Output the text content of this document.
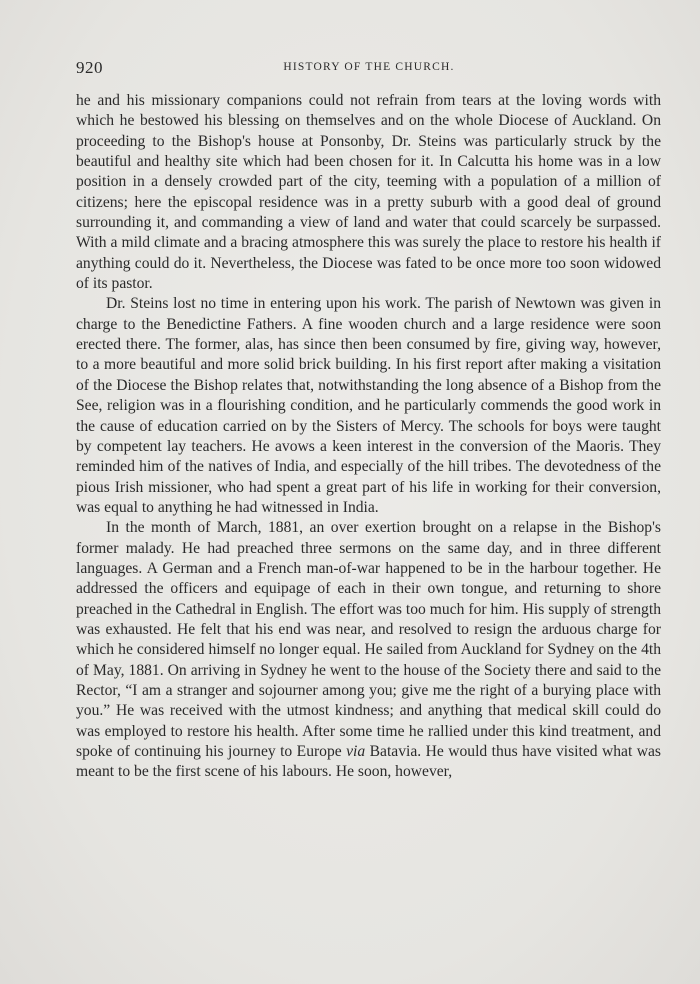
920	HISTORY OF THE CHURCH.

he and his missionary companions could not refrain from tears at the loving words with which he bestowed his blessing on themselves and on the whole Diocese of Auckland. On proceeding to the Bishop's house at Ponsonby, Dr. Steins was particularly struck by the beautiful and healthy site which had been chosen for it. In Calcutta his home was in a low position in a densely crowded part of the city, teeming with a population of a million of citizens; here the episcopal residence was in a pretty suburb with a good deal of ground surrounding it, and commanding a view of land and water that could scarcely be surpassed. With a mild climate and a bracing atmosphere this was surely the place to restore his health if anything could do it. Nevertheless, the Diocese was fated to be once more too soon widowed of its pastor.

Dr. Steins lost no time in entering upon his work. The parish of Newtown was given in charge to the Benedictine Fathers. A fine wooden church and a large residence were soon erected there. The former, alas, has since then been consumed by fire, giving way, however, to a more beautiful and more solid brick building. In his first report after making a visitation of the Diocese the Bishop relates that, notwithstanding the long absence of a Bishop from the See, religion was in a flourishing condition, and he particularly commends the good work in the cause of education carried on by the Sisters of Mercy. The schools for boys were taught by competent lay teachers. He avows a keen interest in the conversion of the Maoris. They reminded him of the natives of India, and especially of the hill tribes. The devotedness of the pious Irish missioner, who had spent a great part of his life in working for their conversion, was equal to anything he had witnessed in India.

In the month of March, 1881, an over exertion brought on a relapse in the Bishop's former malady. He had preached three sermons on the same day, and in three different languages. A German and a French man-of-war happened to be in the harbour together. He addressed the officers and equipage of each in their own tongue, and returning to shore preached in the Cathedral in English. The effort was too much for him. His supply of strength was exhausted. He felt that his end was near, and resolved to resign the arduous charge for which he considered himself no longer equal. He sailed from Auckland for Sydney on the 4th of May, 1881. On arriving in Sydney he went to the house of the Society there and said to the Rector, “I am a stranger and sojourner among you; give me the right of a burying place with you.” He was received with the utmost kindness; and anything that medical skill could do was employed to restore his health. After some time he rallied under this kind treatment, and spoke of continuing his journey to Europe via Batavia. He would thus have visited what was meant to be the first scene of his labours. He soon, however,
